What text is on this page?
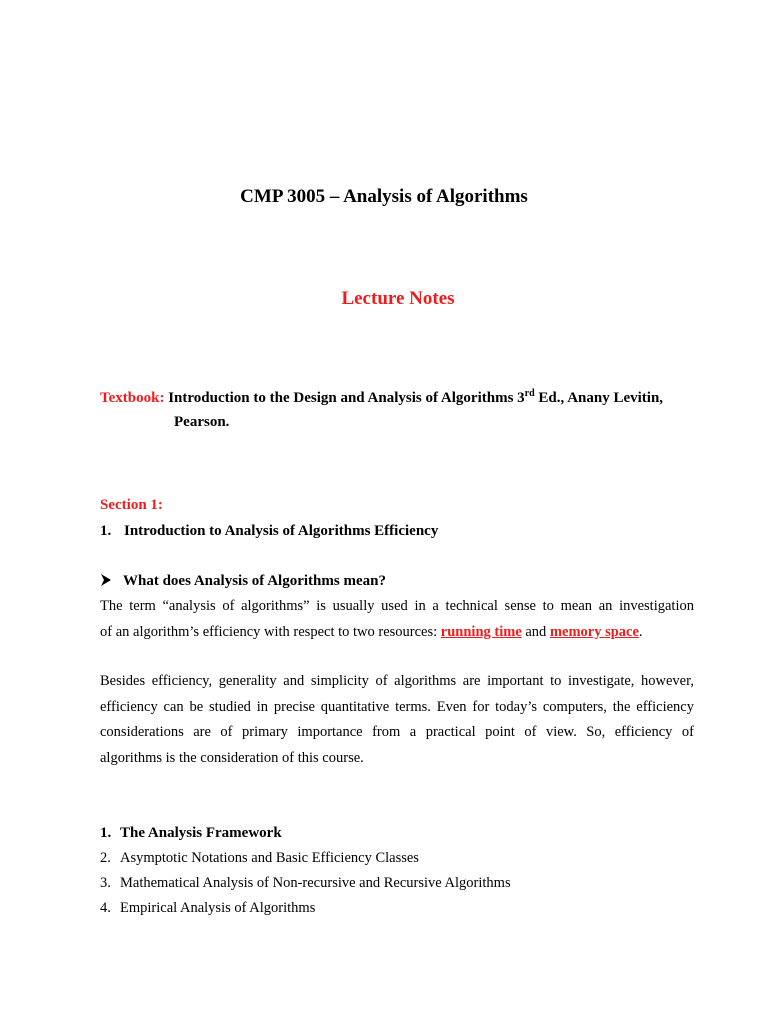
CMP 3005 – Analysis of Algorithms
Lecture Notes
Textbook: Introduction to the Design and Analysis of Algorithms 3rd Ed., Anany Levitin,
Pearson.
Section 1:
1. Introduction to Analysis of Algorithms Efficiency
What does Analysis of Algorithms mean?
The term “analysis of algorithms” is usually used in a technical sense to mean an investigation
of an algorithm’s efficiency with respect to two resources: running time and memory space.
Besides efficiency, generality and simplicity of algorithms are important to investigate, however,
efficiency can be studied in precise quantitative terms. Even for today’s computers, the efficiency
considerations are of primary importance from a practical point of view. So, efficiency of
algorithms is the consideration of this course.
1. The Analysis Framework
2. Asymptotic Notations and Basic Efficiency Classes
3. Mathematical Analysis of Non-recursive and Recursive Algorithms
4. Empirical Analysis of Algorithms
